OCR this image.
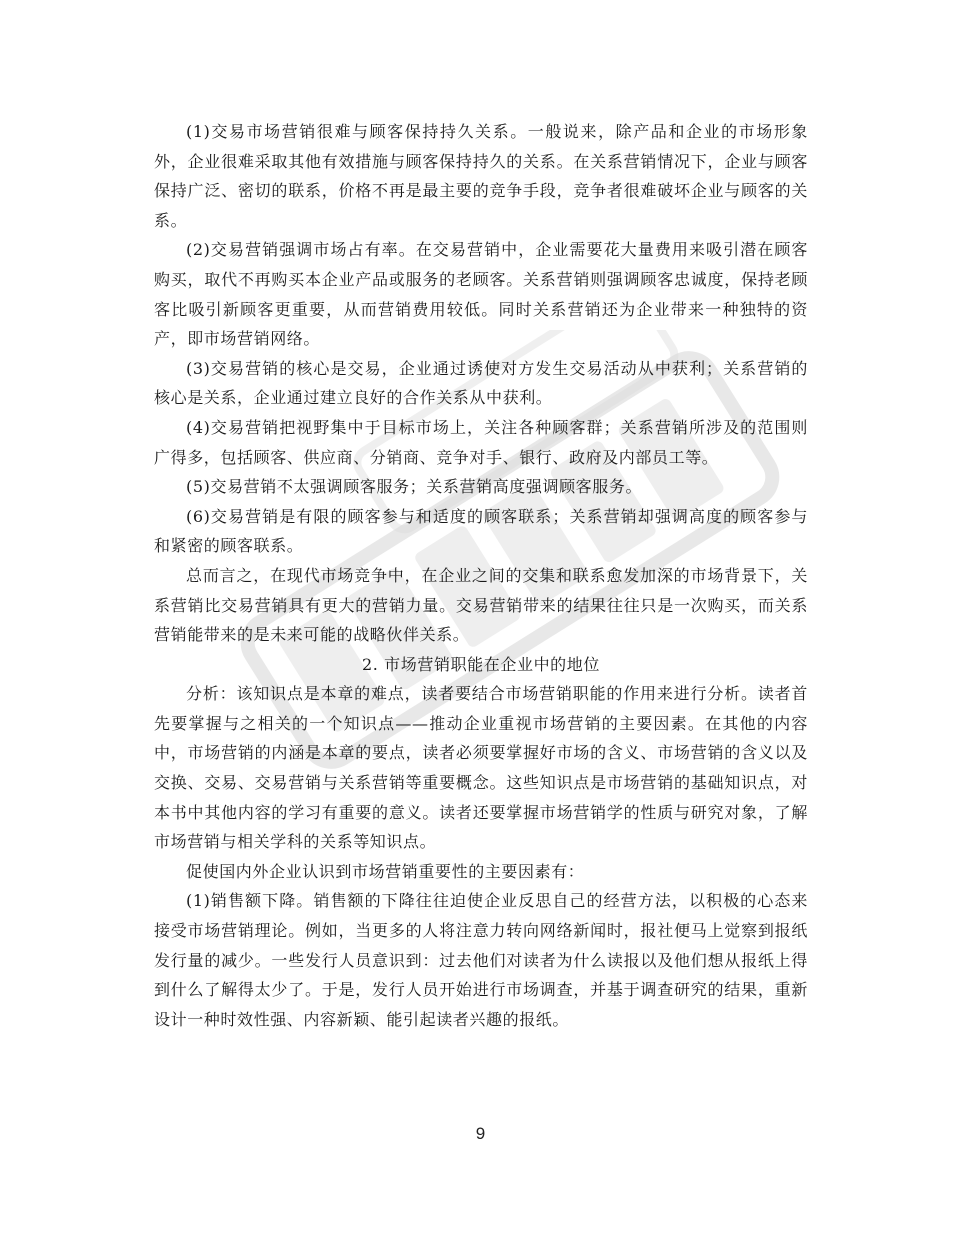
(1)交易市场营销很难与顾客保持持久关系。一般说来，除产品和企业的市场形象外，企业很难采取其他有效措施与顾客保持持久的关系。在关系营销情况下，企业与顾客保持广泛、密切的联系，价格不再是最主要的竞争手段，竞争者很难破坏企业与顾客的关系。

(2)交易营销强调市场占有率。在交易营销中，企业需要花大量费用来吸引潜在顾客购买，取代不再购买本企业产品或服务的老顾客。关系营销则强调顾客忠诚度，保持老顾客比吸引新顾客更重要，从而营销费用较低。同时关系营销还为企业带来一种独特的资产，即市场营销网络。

(3)交易营销的核心是交易，企业通过诱使对方发生交易活动从中获利；关系营销的核心是关系，企业通过建立良好的合作关系从中获利。

(4)交易营销把视野集中于目标市场上，关注各种顾客群；关系营销所涉及的范围则广得多，包括顾客、供应商、分销商、竞争对手、银行、政府及内部员工等。

(5)交易营销不太强调顾客服务；关系营销高度强调顾客服务。

(6)交易营销是有限的顾客参与和适度的顾客联系；关系营销却强调高度的顾客参与和紧密的顾客联系。

总而言之，在现代市场竞争中，在企业之间的交集和联系愈发加深的市场背景下，关系营销比交易营销具有更大的营销力量。交易营销带来的结果往往只是一次购买，而关系营销能带来的是未来可能的战略伙伴关系。

2. 市场营销职能在企业中的地位

分析：该知识点是本章的难点，读者要结合市场营销职能的作用来进行分析。读者首先要掌握与之相关的一个知识点——推动企业重视市场营销的主要因素。在其他的内容中，市场营销的内涵是本章的要点，读者必须要掌握好市场的含义、市场营销的含义以及交换、交易、交易营销与关系营销等重要概念。这些知识点是市场营销的基础知识点，对本书中其他内容的学习有重要的意义。读者还要掌握市场营销学的性质与研究对象，了解市场营销与相关学科的关系等知识点。

促使国内外企业认识到市场营销重要性的主要因素有：

(1)销售额下降。销售额的下降往往迫使企业反思自己的经营方法，以积极的心态来接受市场营销理论。例如，当更多的人将注意力转向网络新闻时，报社便马上觉察到报纸发行量的减少。一些发行人员意识到：过去他们对读者为什么读报以及他们想从报纸上得到什么了解得太少了。于是，发行人员开始进行市场调查，并基于调查研究的结果，重新设计一种时效性强、内容新颖、能引起读者兴趣的报纸。

9
